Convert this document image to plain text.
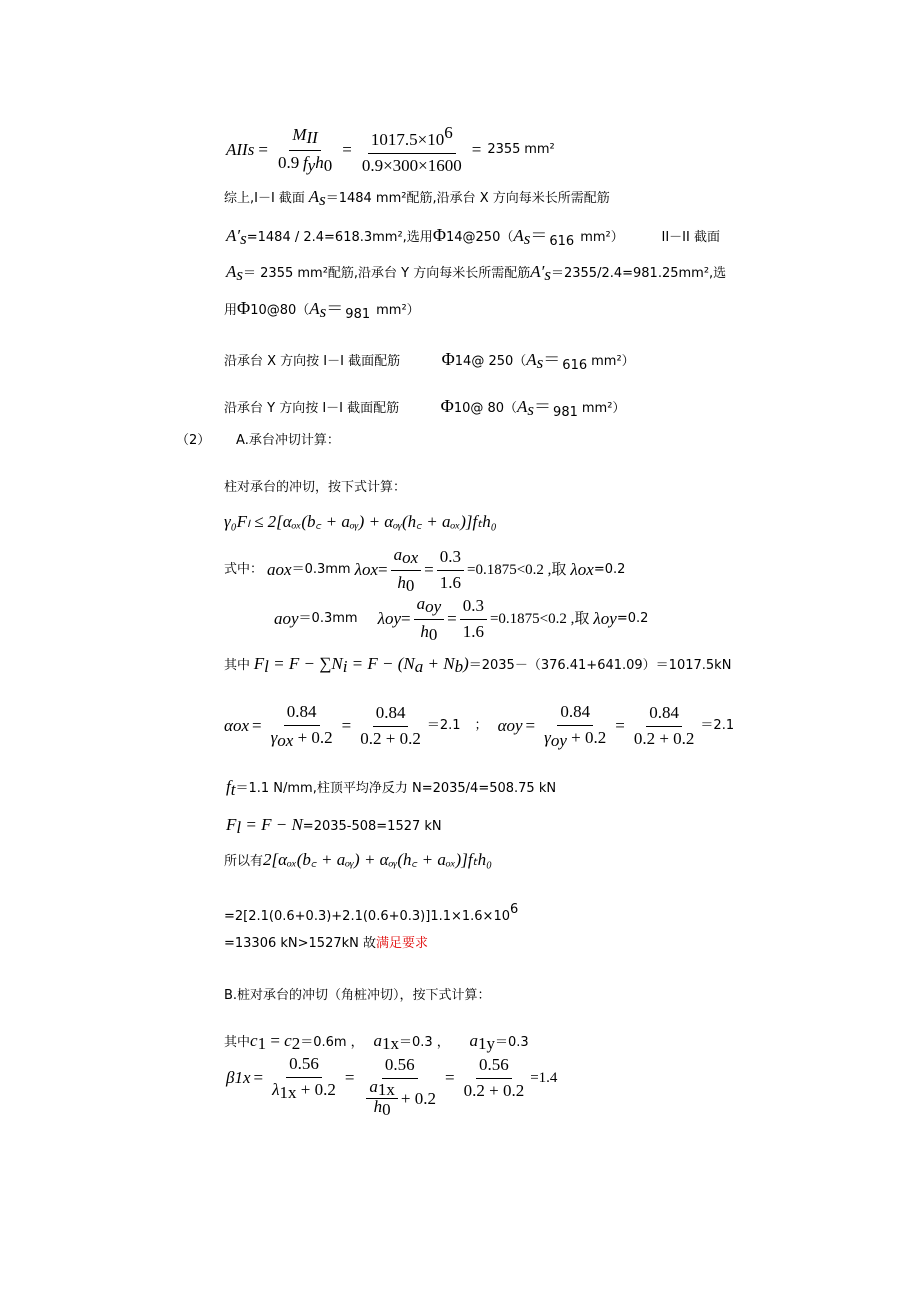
A IIs = $\frac{M_{II}}{0.9 f_yh_0} = \frac{1017.5\times 10^6}{0.9\times 300\times 1600} = 2355$
mm²
综上,I－I 截面 $A_s=1484$ mm²配筋,沿承台 X 方向每米长所需配筋
$A'_s=1484 / 2.4=618.3mm^2$,选用$\Phi 14@250(A_s= 616$ mm²）	II－II 截面
$A_s= 2355$ mm²配筋,沿承台 Y 方向每米长所需配筋$A'_s=2355/2.4=981.25mm^2$,选
用$\Phi 10@80(A_s= 981$ mm²）
沿承台 X 方向按 I－I 截面配筋 Φ14@ $250(A_s= 616$ mm²）
沿承台 Y 方向按 I－I 截面配筋 Φ10@ $80(A_s= 981$ mm²）
（2） A.承台冲切计算：
柱对承台的冲切，按下式计算：
γ₀Fₗ ≤ 2[αₒₓ(b꜀ + aₒᵧ) + αₒᵧ(h꜀ + aₒₓ)]fₜh₀
式中： a ox ＝0.3mm λ ox = $\frac{a_{ox}}{h_0} = \frac{0.3}{1.6} =0.1875<0.2$ ,取 λ ox =0.2
a oy ＝0.3mm λ oy = $\frac{a_{oy}}{h_0} = \frac{0.3}{1.6} =0.1875<0.2$ ,取 λ oy =0.2
其中 $F_l = F - \sum N_i = F - (N_a + N_b)=2035-(376.41+641.09)=1017.5kN$
α ox = $\frac{0.84}{\gamma_{ox} + 0.2} = \frac{0.84}{0.2 + 0.2} =2.1$ ； α oy = $\frac{0.84}{\gamma_{oy} + 0.2} = \frac{0.84}{0.2 + 0.2} =2.1$
$f_t=1.1$ N/mm,柱顶平均净反力 N=2035/4=508.75 kN
$F_l = F - N=2035-508=1527$ kN
所以有2[αₒₓ(b꜀ + aₒᵧ) + αₒᵧ(h꜀ + aₒₓ)]fₜh₀
$=2[2.1(0.6+0.3)+2.1(0.6+0.3)]1.1\times 1.6\times 10^6$
=13306 kN>1527kN 故满足要求
B.桩对承台的冲切（角桩冲切），按下式计算：
其中$c_1 = c_2=0.6m$ ， $a_{1x}=0.3$ ， $a_{1y}=0.3$
β $1x = \frac{0.56}{\lambda_{1x} + 0.2} = \frac{0.56}{\frac{a_{1x}}{h_0} + 0.2} = \frac{0.56}{0.2 + 0.2} =1.4$
